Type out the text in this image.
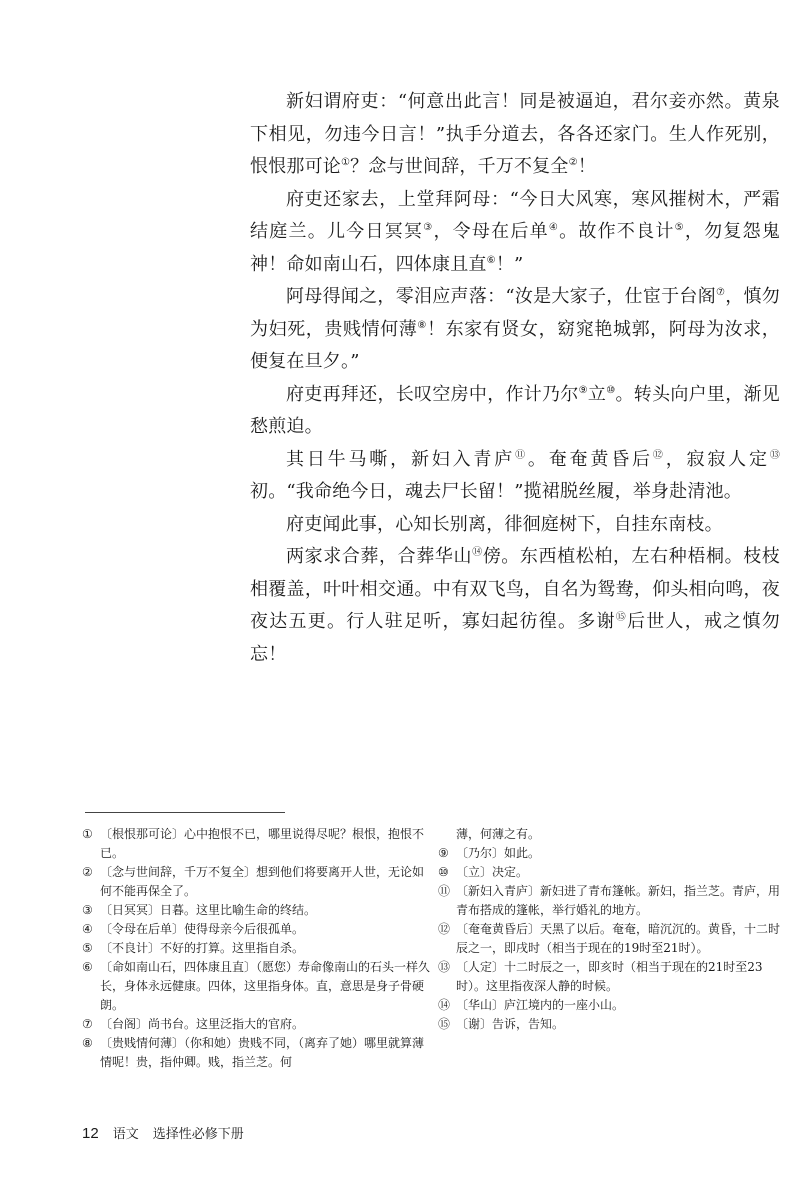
新妇谓府吏：“何意出此言！同是被逼迫，君尔妾亦然。黄泉下相见，勿违今日言！”执手分道去，各各还家门。生人作死别，恨恨那可论①？念与世间辞，千万不复全②！

府吏还家去，上堂拜阿母：“今日大风寒，寒风摧树木，严霜结庭兰。儿今日冥冥③，令母在后单④。故作不良计⑤，勿复怨鬼神！命如南山石，四体康且直⑥！”

阿母得闻之，零泪应声落：“汝是大家子，仕宦于台阁⑦，慎勿为妇死，贵贱情何薄⑧！东家有贤女，窈窕艳城郭，阿母为汝求，便复在旦夕。”

府吏再拜还，长叹空房中，作计乃尔⑨立⑩。转头向户里，渐见愁煎迫。

其日牛马嘶，新妇入青庐⑪。奄奄黄昏后⑫，寂寂人定⑬初。“我命绝今日，魂去尸长留！”揽裙脱丝履，举身赴清池。

府吏闻此事，心知长别离，徘徊庭树下，自挂东南枝。

两家求合葬，合葬华山⑭傍。东西植松柏，左右种梧桐。枝枝相覆盖，叶叶相交通。中有双飞鸟，自名为鸳鸯，仰头相向鸣，夜夜达五更。行人驻足听，寡妇起彷徨。多谢⑮后世人，戒之慎勿忘！

① 〔根恨那可论〕心中抱恨不已，哪里说得尽呢？根恨，抱恨不已。
② 〔念与世间辞，千万不复全〕想到他们将要离开人世，无论如何不能再保全了。
③ 〔日冥冥〕日暮。这里比喻生命的终结。
④ 〔令母在后单〕使得母亲今后很孤单。
⑤ 〔不良计〕不好的打算。这里指自杀。
⑥ 〔命如南山石，四体康且直〕（愿您）寿命像南山的石头一样久长，身体永远健康。四体，这里指身体。直，意思是身子骨硬朗。
⑦ 〔台阁〕尚书台。这里泛指大的官府。
⑧ 〔贵贱情何薄〕（你和她）贵贱不同，（离弃了她）哪里就算薄情呢！贵，指仲卿。贱，指兰芝。何
薄，何薄之有。
⑨ 〔乃尔〕如此。
⑩ 〔立〕决定。
⑪ 〔新妇入青庐〕新妇进了青布篷帐。新妇，指兰芝。青庐，用青布搭成的篷帐，举行婚礼的地方。
⑫ 〔奄奄黄昏后〕天黑了以后。奄奄，暗沉沉的。黄昏，十二时辰之一，即戌时（相当于现在的19时至21时）。
⑬ 〔人定〕十二时辰之一，即亥时（相当于现在的21时至23时）。这里指夜深人静的时候。
⑭ 〔华山〕庐江境内的一座小山。
⑮ 〔谢〕告诉，告知。
12 语文 选择性必修下册
